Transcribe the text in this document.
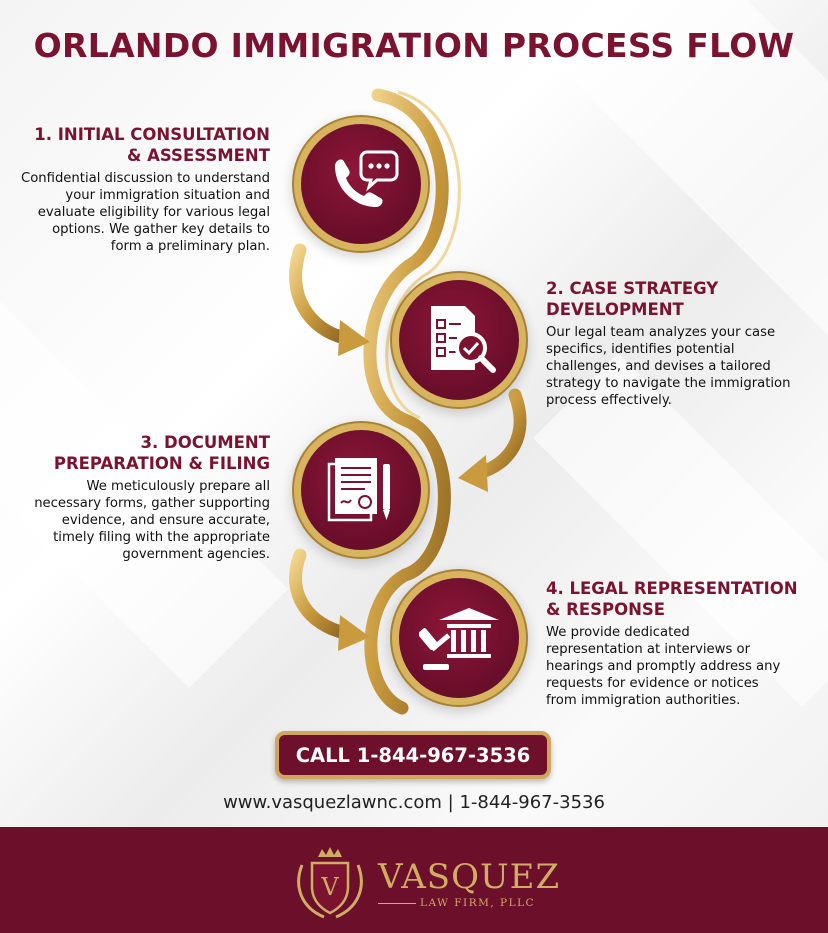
ORLANDO IMMIGRATION PROCESS FLOW
1. INITIAL CONSULTATION
& ASSESSMENT
Confidential discussion to understand
your immigration situation and
evaluate eligibility for various legal
options. We gather key details to
form a preliminary plan.
2. CASE STRATEGY
DEVELOPMENT
Our legal team analyzes your case
specifics, identifies potential
challenges, and devises a tailored
strategy to navigate the immigration
process effectively.
3. DOCUMENT
PREPARATION & FILING
We meticulously prepare all
necessary forms, gather supporting
evidence, and ensure accurate,
timely filing with the appropriate
government agencies.
4. LEGAL REPRESENTATION
& RESPONSE
We provide dedicated
representation at interviews or
hearings and promptly address any
requests for evidence or notices
from immigration authorities.
CALL 1-844-967-3536
www.vasquezlawnc.com | 1-844-967-3536
V VASQUEZ
LAW FIRM, PLLC
